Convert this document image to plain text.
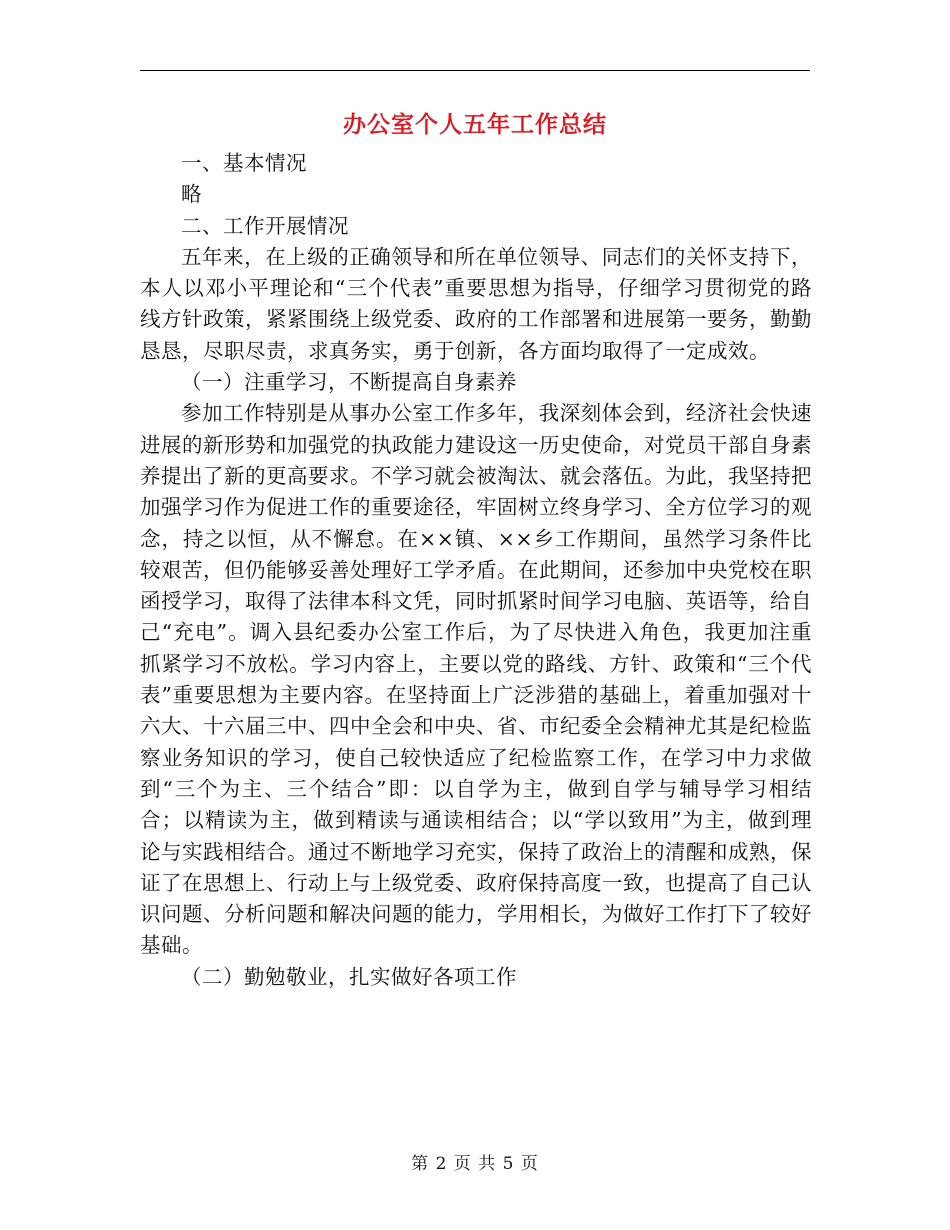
办公室个人五年工作总结

一、基本情况

略

二、工作开展情况

五年来，在上级的正确领导和所在单位领导、同志们的关怀支持下，本人以邓小平理论和“三个代表”重要思想为指导，仔细学习贯彻党的路线方针政策，紧紧围绕上级党委、政府的工作部署和进展第一要务，勤勤恳恳，尽职尽责，求真务实，勇于创新，各方面均取得了一定成效。

（一）注重学习，不断提高自身素养

参加工作特别是从事办公室工作多年，我深刻体会到，经济社会快速进展的新形势和加强党的执政能力建设这一历史使命，对党员干部自身素养提出了新的更高要求。不学习就会被淘汰、就会落伍。为此，我坚持把加强学习作为促进工作的重要途径，牢固树立终身学习、全方位学习的观念，持之以恒，从不懈怠。在××镇、××乡工作期间，虽然学习条件比较艰苦，但仍能够妥善处理好工学矛盾。在此期间，还参加中央党校在职函授学习，取得了法律本科文凭，同时抓紧时间学习电脑、英语等，给自己“充电”。调入县纪委办公室工作后，为了尽快进入角色，我更加注重抓紧学习不放松。学习内容上，主要以党的路线、方针、政策和“三个代表”重要思想为主要内容。在坚持面上广泛涉猎的基础上，着重加强对十六大、十六届三中、四中全会和中央、省、市纪委全会精神尤其是纪检监察业务知识的学习，使自己较快适应了纪检监察工作，在学习中力求做到“三个为主、三个结合”即：以自学为主，做到自学与辅导学习相结合；以精读为主，做到精读与通读相结合；以“学以致用”为主，做到理论与实践相结合。通过不断地学习充实，保持了政治上的清醒和成熟，保证了在思想上、行动上与上级党委、政府保持高度一致，也提高了自己认识问题、分析问题和解决问题的能力，学用相长，为做好工作打下了较好基础。

（二）勤勉敬业，扎实做好各项工作

第 2 页 共 5 页
